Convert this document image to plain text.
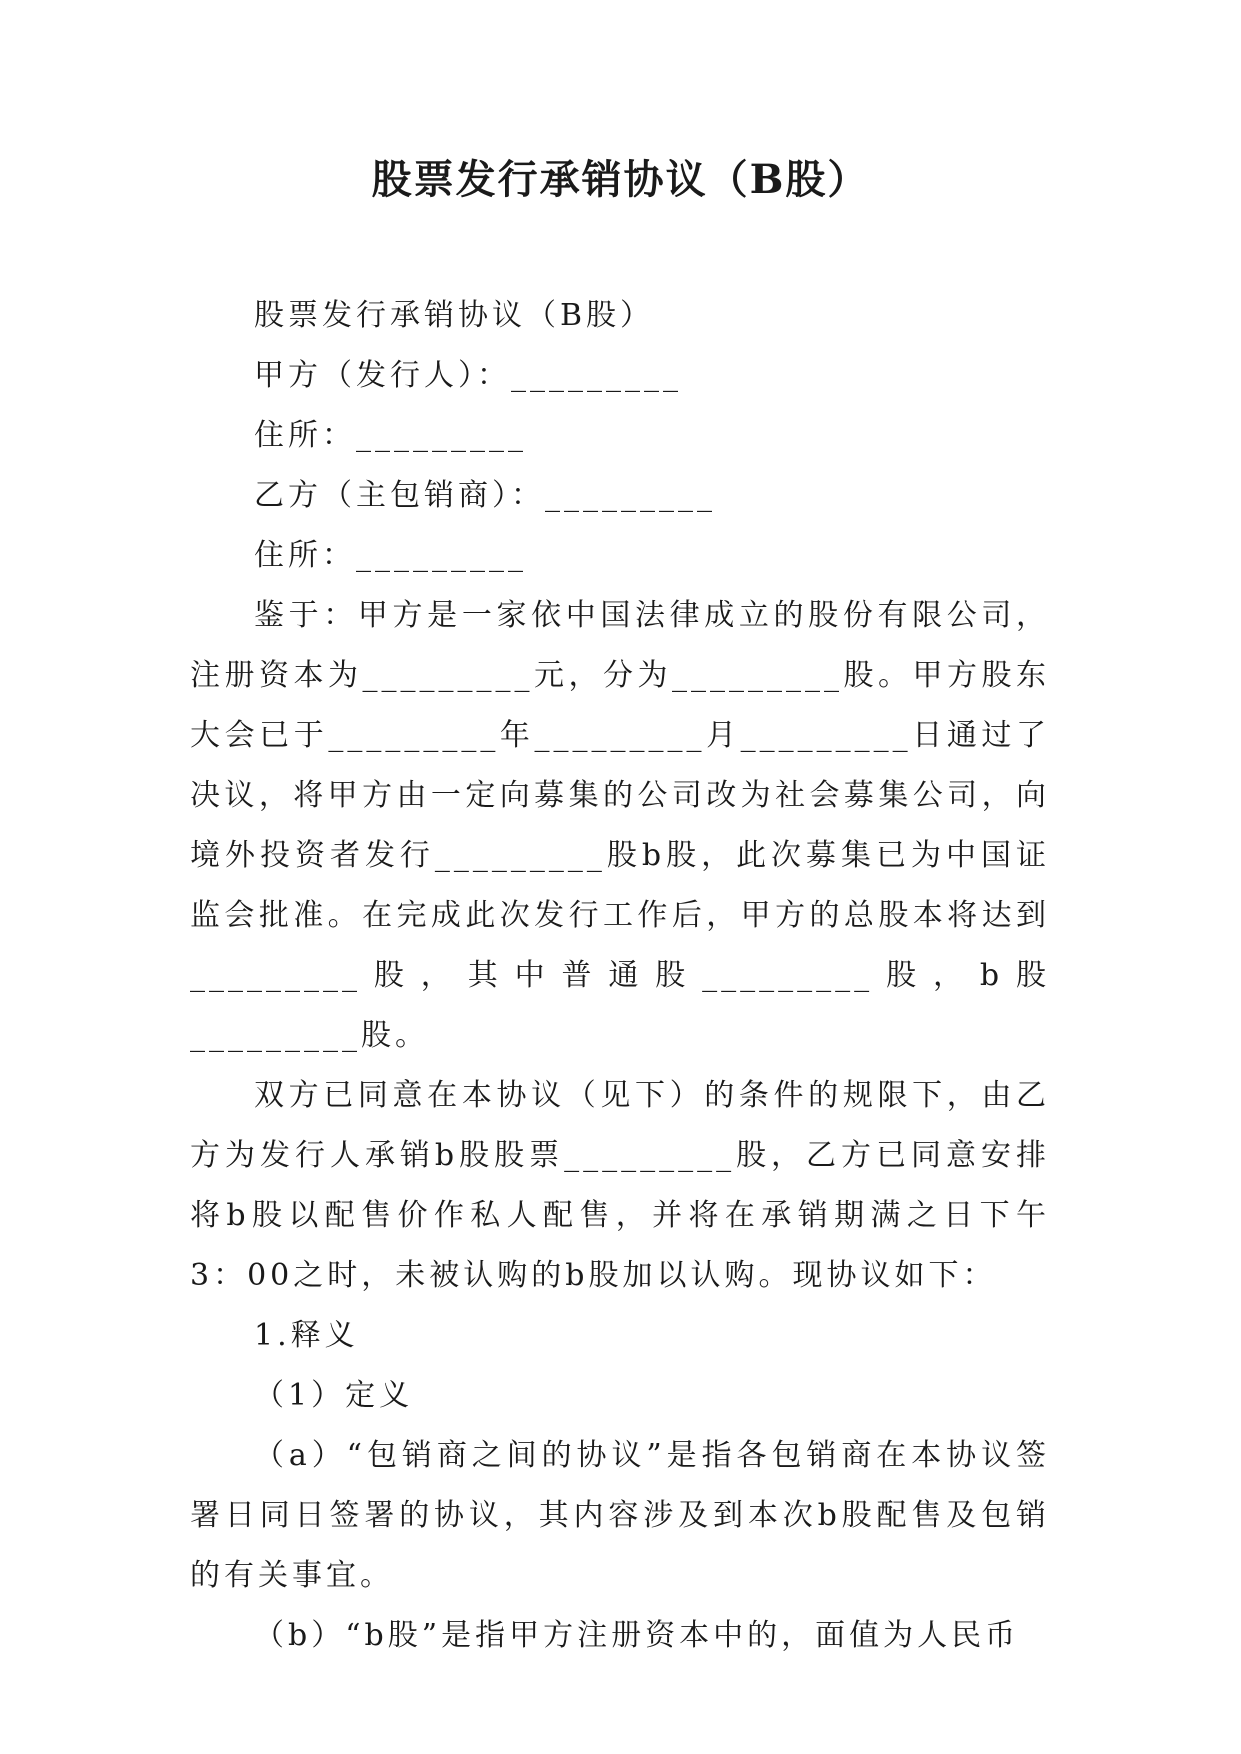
股票发行承销协议（B股）

股票发行承销协议（B股）

甲方（发行人）：_________

住所：_________

乙方（主包销商）：_________

住所：_________

鉴于：甲方是一家依中国法律成立的股份有限公司，注册资本为_________元，分为_________股。甲方股东大会已于_________年_________月_________日通过了决议，将甲方由一定向募集的公司改为社会募集公司，向境外投资者发行_________股b股，此次募集已为中国证监会批准。在完成此次发行工作后，甲方的总股本将达到_________股，其中普通股_________股，b股_________股。

双方已同意在本协议（见下）的条件的规限下，由乙方为发行人承销b股股票_________股，乙方已同意安排将b股以配售价作私人配售，并将在承销期满之日下午3：00之时，未被认购的b股加以认购。现协议如下：

1.释义

（1）定义

（a）“包销商之间的协议”是指各包销商在本协议签署日同日签署的协议，其内容涉及到本次b股配售及包销的有关事宜。

（b）“b股”是指甲方注册资本中的，面值为人民币
